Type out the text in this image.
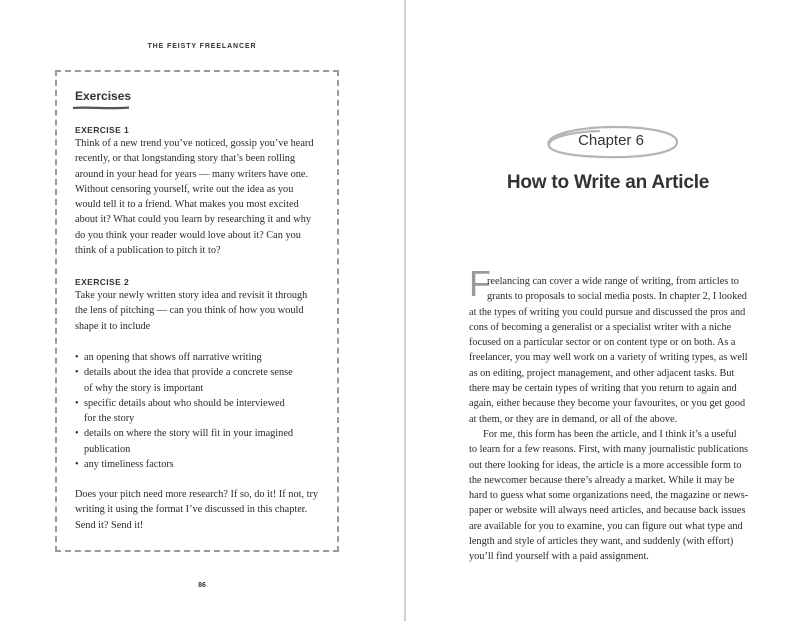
THE FEISTY FREELANCER
Exercises
EXERCISE 1
Think of a new trend you’ve noticed, gossip you’ve heard
recently, or that longstanding story that’s been rolling
around in your head for years — many writers have one.
Without censoring yourself, write out the idea as you
would tell it to a friend. What makes you most excited
about it? What could you learn by researching it and why
do you think your reader would love about it? Can you
think of a publication to pitch it to?
EXERCISE 2
Take your newly written story idea and revisit it through
the lens of pitching — can you think of how you would
shape it to include
• an opening that shows off narrative writing
• details about the idea that provide a concrete sense
of why the story is important
• specific details about who should be interviewed
for the story
• details on where the story will fit in your imagined
publication
• any timeliness factors
Does your pitch need more research? If so, do it! If not, try
writing it using the format I’ve discussed in this chapter.
Send it? Send it!
86
Chapter 6
How to Write an Article
F
reelancing can cover a wide range of writing, from articles to
grants to proposals to social media posts. In chapter 2, I looked
at the types of writing you could pursue and discussed the pros and
cons of becoming a generalist or a specialist writer with a niche
focused on a particular sector or on content type or on both. As a
freelancer, you may well work on a variety of writing types, as well
as on editing, project management, and other adjacent tasks. But
there may be certain types of writing that you return to again and
again, either because they become your favourites, or you get good
at them, or they are in demand, or all of the above.
For me, this form has been the article, and I think it’s a useful
to learn for a few reasons. First, with many journalistic publications
out there looking for ideas, the article is a more accessible form to
the newcomer because there’s already a market. While it may be
hard to guess what some organizations need, the magazine or news-
paper or website will always need articles, and because back issues
are available for you to examine, you can figure out what type and
length and style of articles they want, and suddenly (with effort)
you’ll find yourself with a paid assignment.
